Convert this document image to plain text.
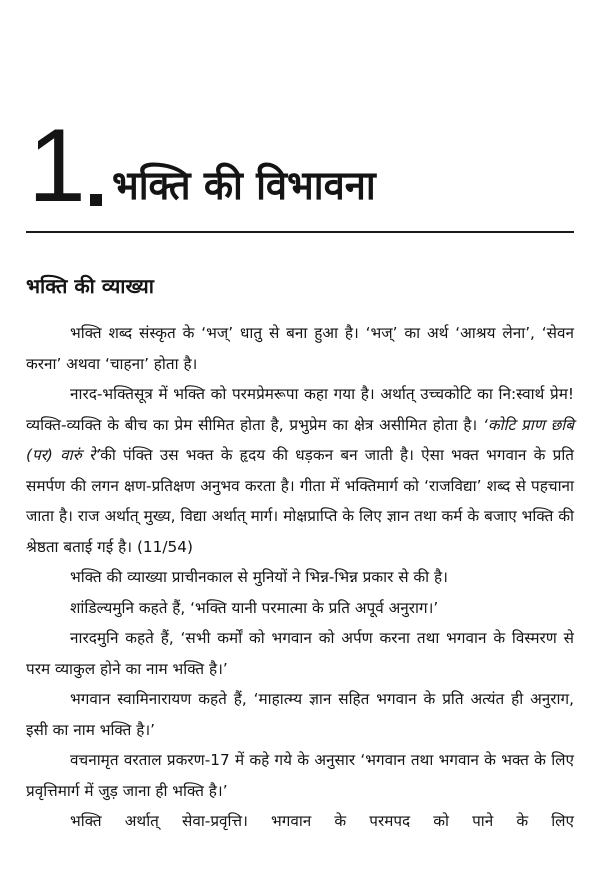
1 भक्ति की विभावना
भक्ति की व्याख्या

भक्ति शब्द संस्कृत के ‘भज्’ धातु से बना हुआ है। ‘भज्’ का अर्थ ‘आश्रय लेना’, ‘सेवन करना’ अथवा ‘चाहना’ होता है।

नारद-भक्तिसूत्र में भक्ति को परमप्रेमरूपा कहा गया है। अर्थात् उच्चकोटि का नि:स्वार्थ प्रेम! व्यक्ति-व्यक्ति के बीच का प्रेम सीमित होता है, प्रभुप्रेम का क्षेत्र असीमित होता है। ‘कोटि प्राण छबि (पर) वारुं रे’की पंक्ति उस भक्त के हृदय की धड़कन बन जाती है। ऐसा भक्त भगवान के प्रति समर्पण की लगन क्षण-प्रतिक्षण अनुभव करता है। गीता में भक्तिमार्ग को ‘राजविद्या’ शब्द से पहचाना जाता है। राज अर्थात् मुख्य, विद्या अर्थात् मार्ग। मोक्षप्राप्ति के लिए ज्ञान तथा कर्म के बजाए भक्ति की श्रेष्ठता बताई गई है। (11/54)

भक्ति की व्याख्या प्राचीनकाल से मुनियों ने भिन्न-भिन्न प्रकार से की है।

शांडिल्यमुनि कहते हैं, ‘भक्ति यानी परमात्मा के प्रति अपूर्व अनुराग।’

नारदमुनि कहते हैं, ‘सभी कर्मों को भगवान को अर्पण करना तथा भगवान के विस्मरण से परम व्याकुल होने का नाम भक्ति है।’

भगवान स्वामिनारायण कहते हैं, ‘माहात्म्य ज्ञान सहित भगवान के प्रति अत्यंत ही अनुराग, इसी का नाम भक्ति है।’

वचनामृत वरताल प्रकरण-17 में कहे गये के अनुसार ‘भगवान तथा भगवान के भक्त के लिए प्रवृत्तिमार्ग में जुड़ जाना ही भक्ति है।’

भक्ति अर्थात् सेवा-प्रवृत्ति। भगवान के परमपद को पाने के लिए
